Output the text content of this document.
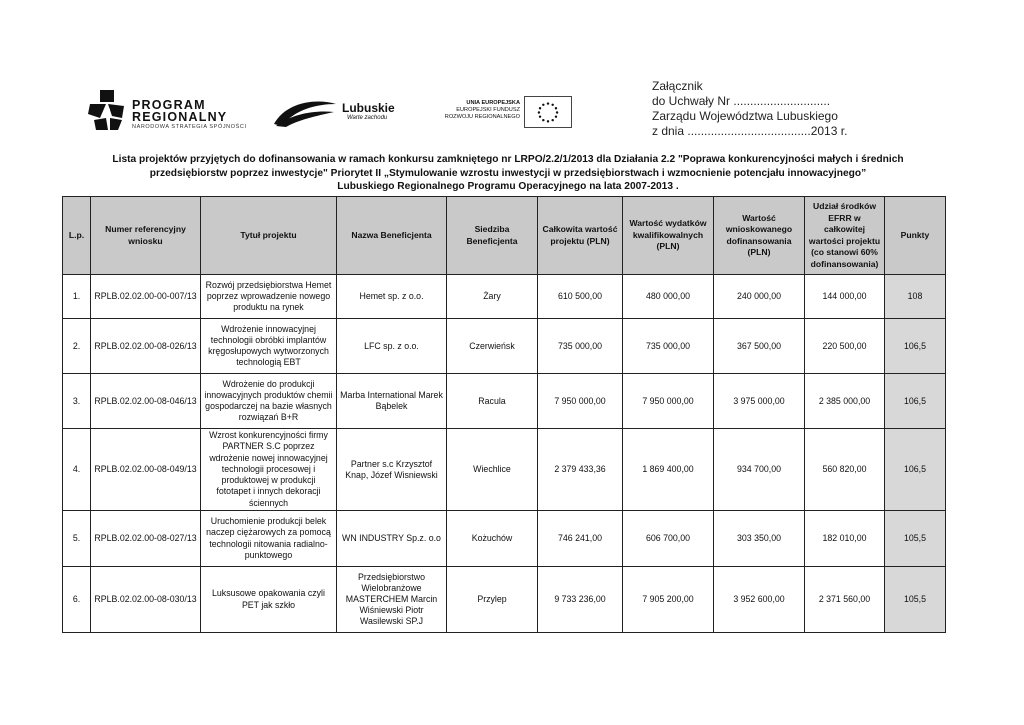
PROGRAM
REGIONALNY
NARODOWA STRATEGIA SPÓJNOŚCI
Lubuskie
Warte zachodu
UNIA EUROPEJSKA
EUROPEJSKI FUNDUSZ
ROZWOJU REGIONALNEGO
Załącznik
do Uchwały Nr .............................
Zarządu Województwa Lubuskiego
z dnia .....................................2013 r.
Lista projektów przyjętych do dofinansowania w ramach konkursu zamkniętego nr LRPO/2.2/1/2013 dla Działania 2.2 "Poprawa konkurencyjności małych i średnich
przedsiębiorstw poprzez inwestycje" Priorytet II „Stymulowanie wzrostu inwestycji w przedsiębiorstwach i wzmocnienie potencjału innowacyjnego”
Lubuskiego Regionalnego Programu Operacyjnego na lata 2007-2013 .
L.p.	Numer referencyjny wniosku	Tytuł projektu	Nazwa Beneficjenta	Siedziba Beneficjenta	Całkowita wartość projektu (PLN)	Wartość wydatków kwalifikowalnych (PLN)	Wartość wnioskowanego dofinansowania (PLN)	Udział środków EFRR w całkowitej wartości projektu (co stanowi 60% dofinansowania)	Punkty
1.	RPLB.02.02.00-00-007/13	Rozwój przedsiębiorstwa Hemet poprzez wprowadzenie nowego produktu na rynek	Hemet sp. z o.o.	Żary	610 500,00	480 000,00	240 000,00	144 000,00	108
2.	RPLB.02.02.00-08-026/13	Wdrożenie innowacyjnej technologii obróbki implantów kręgosłupowych wytworzonych technologią EBT	LFC sp. z o.o.	Czerwieńsk	735 000,00	735 000,00	367 500,00	220 500,00	106,5
3.	RPLB.02.02.00-08-046/13	Wdrożenie do produkcji innowacyjnych produktów chemii gospodarczej na bazie własnych rozwiązań B+R	Marba International Marek Bąbelek	Racula	7 950 000,00	7 950 000,00	3 975 000,00	2 385 000,00	106,5
4.	RPLB.02.02.00-08-049/13	Wzrost konkurencyjności firmy PARTNER S.C poprzez wdrożenie nowej innowacyjnej technologii procesowej i produktowej w produkcji fototapet i innych dekoracji ściennych	Partner s.c Krzysztof Knap, Józef Wisniewski	Wiechlice	2 379 433,36	1 869 400,00	934 700,00	560 820,00	106,5
5.	RPLB.02.02.00-08-027/13	Uruchomienie produkcji belek naczep ciężarowych za pomocą technologii nitowania radialno-punktowego	WN INDUSTRY Sp.z. o.o	Kożuchów	746 241,00	606 700,00	303 350,00	182 010,00	105,5
6.	RPLB.02.02.00-08-030/13	Luksusowe opakowania czyli PET jak szkło	Przedsiębiorstwo Wielobranżowe MASTERCHEM Marcin Wiśniewski Piotr Wasilewski SP.J	Przylep	9 733 236,00	7 905 200,00	3 952 600,00	2 371 560,00	105,5
